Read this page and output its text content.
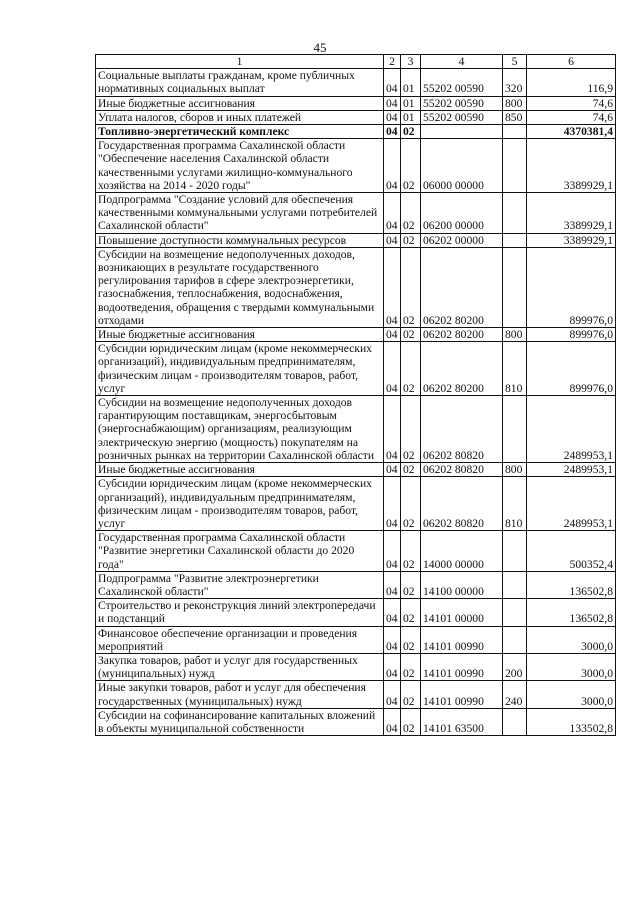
45
1	2	3	4	5	6
Социальные выплаты гражданам, кроме публичных нормативных социальных выплат	04	01	55202 00590	320	116,9
Иные бюджетные ассигнования	04	01	55202 00590	800	74,6
Уплата налогов, сборов и иных платежей	04	01	55202 00590	850	74,6
Топливно-энергетический комплекс	04	02			4370381,4
Государственная программа Сахалинской области "Обеспечение населения Сахалинской области качественными услугами жилищно-коммунального хозяйства на 2014 - 2020 годы"	04	02	06000 00000		3389929,1
Подпрограмма "Создание условий для обеспечения качественными коммунальными услугами потребителей Сахалинской области"	04	02	06200 00000		3389929,1
Повышение доступности коммунальных ресурсов	04	02	06202 00000		3389929,1
Субсидии на возмещение недополученных доходов, возникающих в результате государственного регулирования тарифов в сфере электроэнергетики, газоснабжения, теплоснабжения, водоснабжения, водоотведения, обращения с твердыми коммунальными отходами	04	02	06202 80200		899976,0
Иные бюджетные ассигнования	04	02	06202 80200	800	899976,0
Субсидии юридическим лицам (кроме некоммерческих организаций), индивидуальным предпринимателям, физическим лицам - производителям товаров, работ, услуг	04	02	06202 80200	810	899976,0
Субсидии на возмещение недополученных доходов гарантирующим поставщикам, энергосбытовым (энергоснабжающим) организациям, реализующим электрическую энергию (мощность) покупателям на розничных рынках на территории Сахалинской области	04	02	06202 80820		2489953,1
Иные бюджетные ассигнования	04	02	06202 80820	800	2489953,1
Субсидии юридическим лицам (кроме некоммерческих организаций), индивидуальным предпринимателям, физическим лицам - производителям товаров, работ, услуг	04	02	06202 80820	810	2489953,1
Государственная программа Сахалинской области "Развитие энергетики Сахалинской области до 2020 года"	04	02	14000 00000		500352,4
Подпрограмма "Развитие электроэнергетики Сахалинской области"	04	02	14100 00000		136502,8
Строительство и реконструкция линий электропередачи и подстанций	04	02	14101 00000		136502,8
Финансовое обеспечение организации и проведения мероприятий	04	02	14101 00990		3000,0
Закупка товаров, работ и услуг для государственных (муниципальных) нужд	04	02	14101 00990	200	3000,0
Иные закупки товаров, работ и услуг для обеспечения государственных (муниципальных) нужд	04	02	14101 00990	240	3000,0
Субсидии на софинансирование капитальных вложений в объекты муниципальной собственности	04	02	14101 63500		133502,8
